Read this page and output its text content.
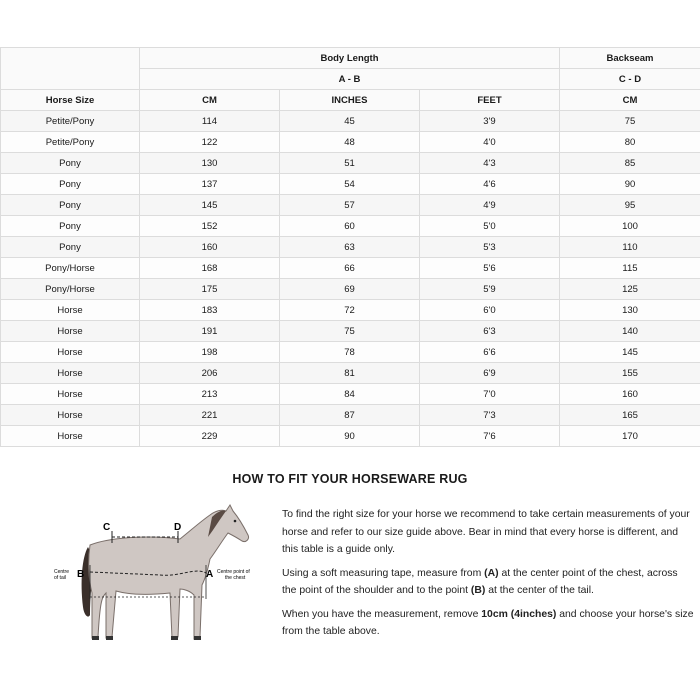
	Body Length			Backseam
	A - B			C - D
Horse Size	CM	INCHES	FEET	CM
Petite/Pony	114	45	3'9	75
Petite/Pony	122	48	4'0	80
Pony	130	51	4'3	85
Pony	137	54	4'6	90
Pony	145	57	4'9	95
Pony	152	60	5'0	100
Pony	160	63	5'3	110
Pony/Horse	168	66	5'6	115
Pony/Horse	175	69	5'9	125
Horse	183	72	6'0	130
Horse	191	75	6'3	140
Horse	198	78	6'6	145
Horse	206	81	6'9	155
Horse	213	84	7'0	160
Horse	221	87	7'3	165
Horse	229	90	7'6	170
HOW TO FIT YOUR HORSEWARE RUG
C	D
B	A
Centre
of tail
Centre point of
the chest

To find the right size for your horse we recommend to take certain measurements of your horse and refer to our size guide above. Bear in mind that every horse is different, and this table is a guide only.

Using a soft measuring tape, measure from (A) at the center point of the chest, across the point of the shoulder and to the point (B) at the center of the tail.

When you have the measurement, remove 10cm (4inches) and choose your horse's size from the table above.
